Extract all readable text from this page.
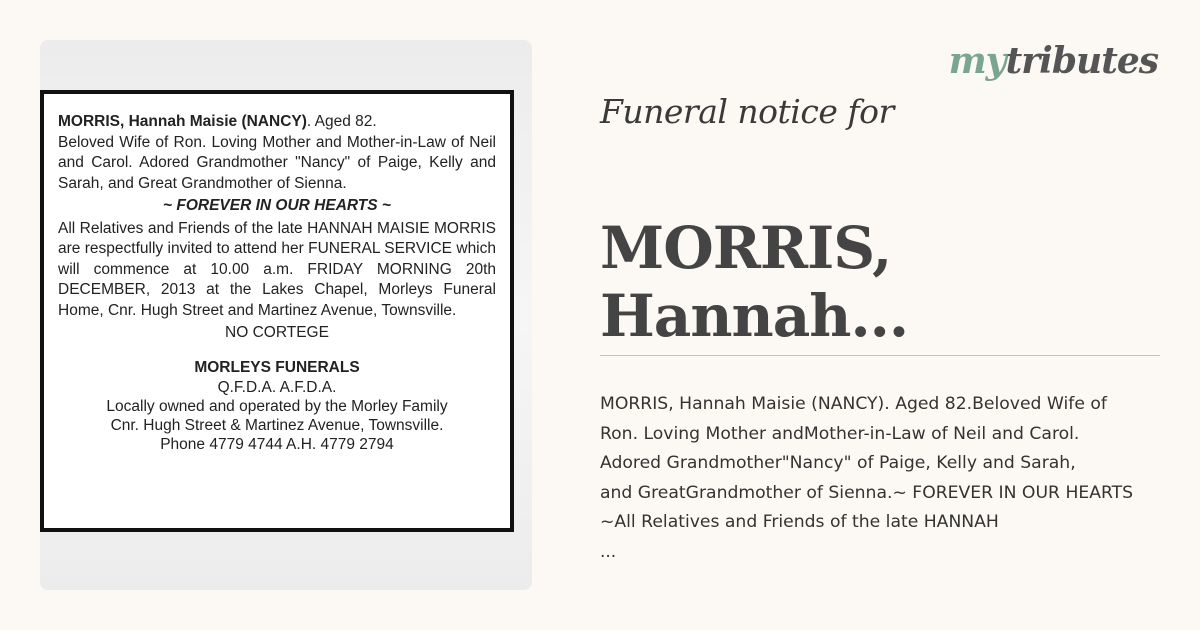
MORRIS, Hannah Maisie (NANCY). Aged 82.

Beloved Wife of Ron. Loving Mother and Mother-in-Law of Neil and Carol. Adored Grandmother "Nancy" of Paige, Kelly and Sarah, and Great Grandmother of Sienna.

~ FOREVER IN OUR HEARTS ~

All Relatives and Friends of the late HANNAH MAISIE MORRIS are respectfully invited to attend her FUNERAL SERVICE which will commence at 10.00 a.m. FRIDAY MORNING 20th DECEMBER, 2013 at the Lakes Chapel, Morleys Funeral Home, Cnr. Hugh Street and Martinez Avenue, Townsville.

NO CORTEGE

MORLEYS FUNERALS

Q.F.D.A. A.F.D.A.

Locally owned and operated by the Morley Family

Cnr. Hugh Street & Martinez Avenue, Townsville.

Phone 4779 4744 A.H. 4779 2794

mytributes
Funeral notice for
MORRIS, Hannah...
MORRIS, Hannah Maisie (NANCY). Aged 82.Beloved Wife of
Ron. Loving Mother andMother-in-Law of Neil and Carol.
Adored Grandmother"Nancy" of Paige, Kelly and Sarah,
and GreatGrandmother of Sienna.~ FOREVER IN OUR HEARTS
~All Relatives and Friends of the late HANNAH
...
